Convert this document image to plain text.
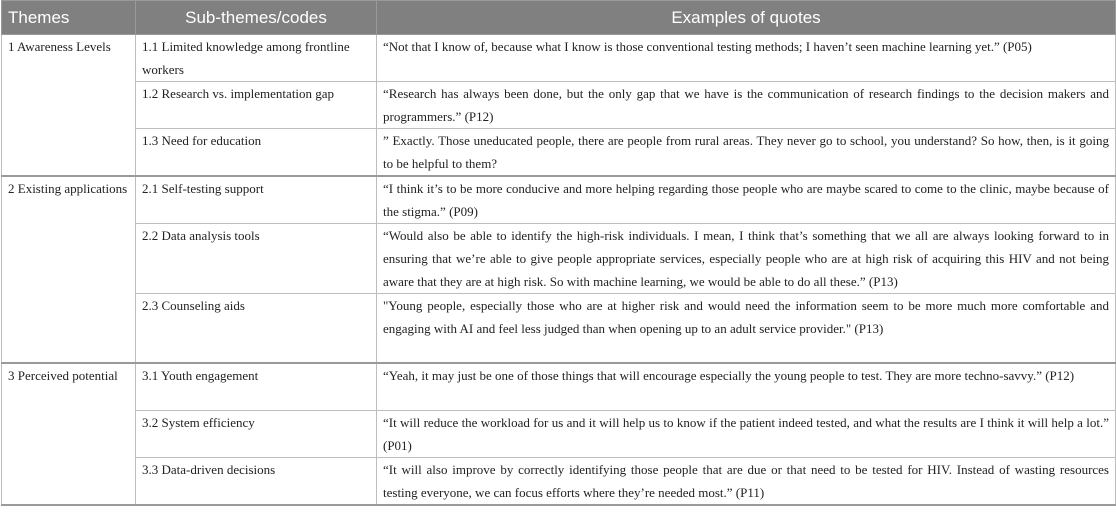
Themes	Sub-themes/codes	Examples of quotes
1 Awareness Levels	1.1 Limited knowledge among frontline workers	“Not that I know of, because what I know is those conventional testing methods; I haven’t seen machine learning yet.” (P05)
	1.2 Research vs. implementation gap	“Research has always been done, but the only gap that we have is the communication of research findings to the decision makers and programmers.” (P12)
	1.3 Need for education	” Exactly. Those uneducated people, there are people from rural areas. They never go to school, you understand? So how, then, is it going to be helpful to them?
2 Existing applications	2.1 Self-testing support	“I think it’s to be more conducive and more helping regarding those people who are maybe scared to come to the clinic, maybe because of the stigma.” (P09)
	2.2 Data analysis tools	“Would also be able to identify the high-risk individuals. I mean, I think that’s something that we all are always looking forward to in ensuring that we’re able to give people appropriate services, especially people who are at high risk of acquiring this HIV and not being aware that they are at high risk. So with machine learning, we would be able to do all these.” (P13)
	2.3 Counseling aids	"Young people, especially those who are at higher risk and would need the information seem to be more much more comfortable and engaging with AI and feel less judged than when opening up to an adult service provider." (P13)
3 Perceived potential	3.1 Youth engagement	“Yeah, it may just be one of those things that will encourage especially the young people to test. They are more techno-savvy.” (P12)
	3.2 System efficiency	“It will reduce the workload for us and it will help us to know if the patient indeed tested, and what the results are I think it will help a lot.” (P01)
	3.3 Data-driven decisions	“It will also improve by correctly identifying those people that are due or that need to be tested for HIV. Instead of wasting resources testing everyone, we can focus efforts where they’re needed most.” (P11)
